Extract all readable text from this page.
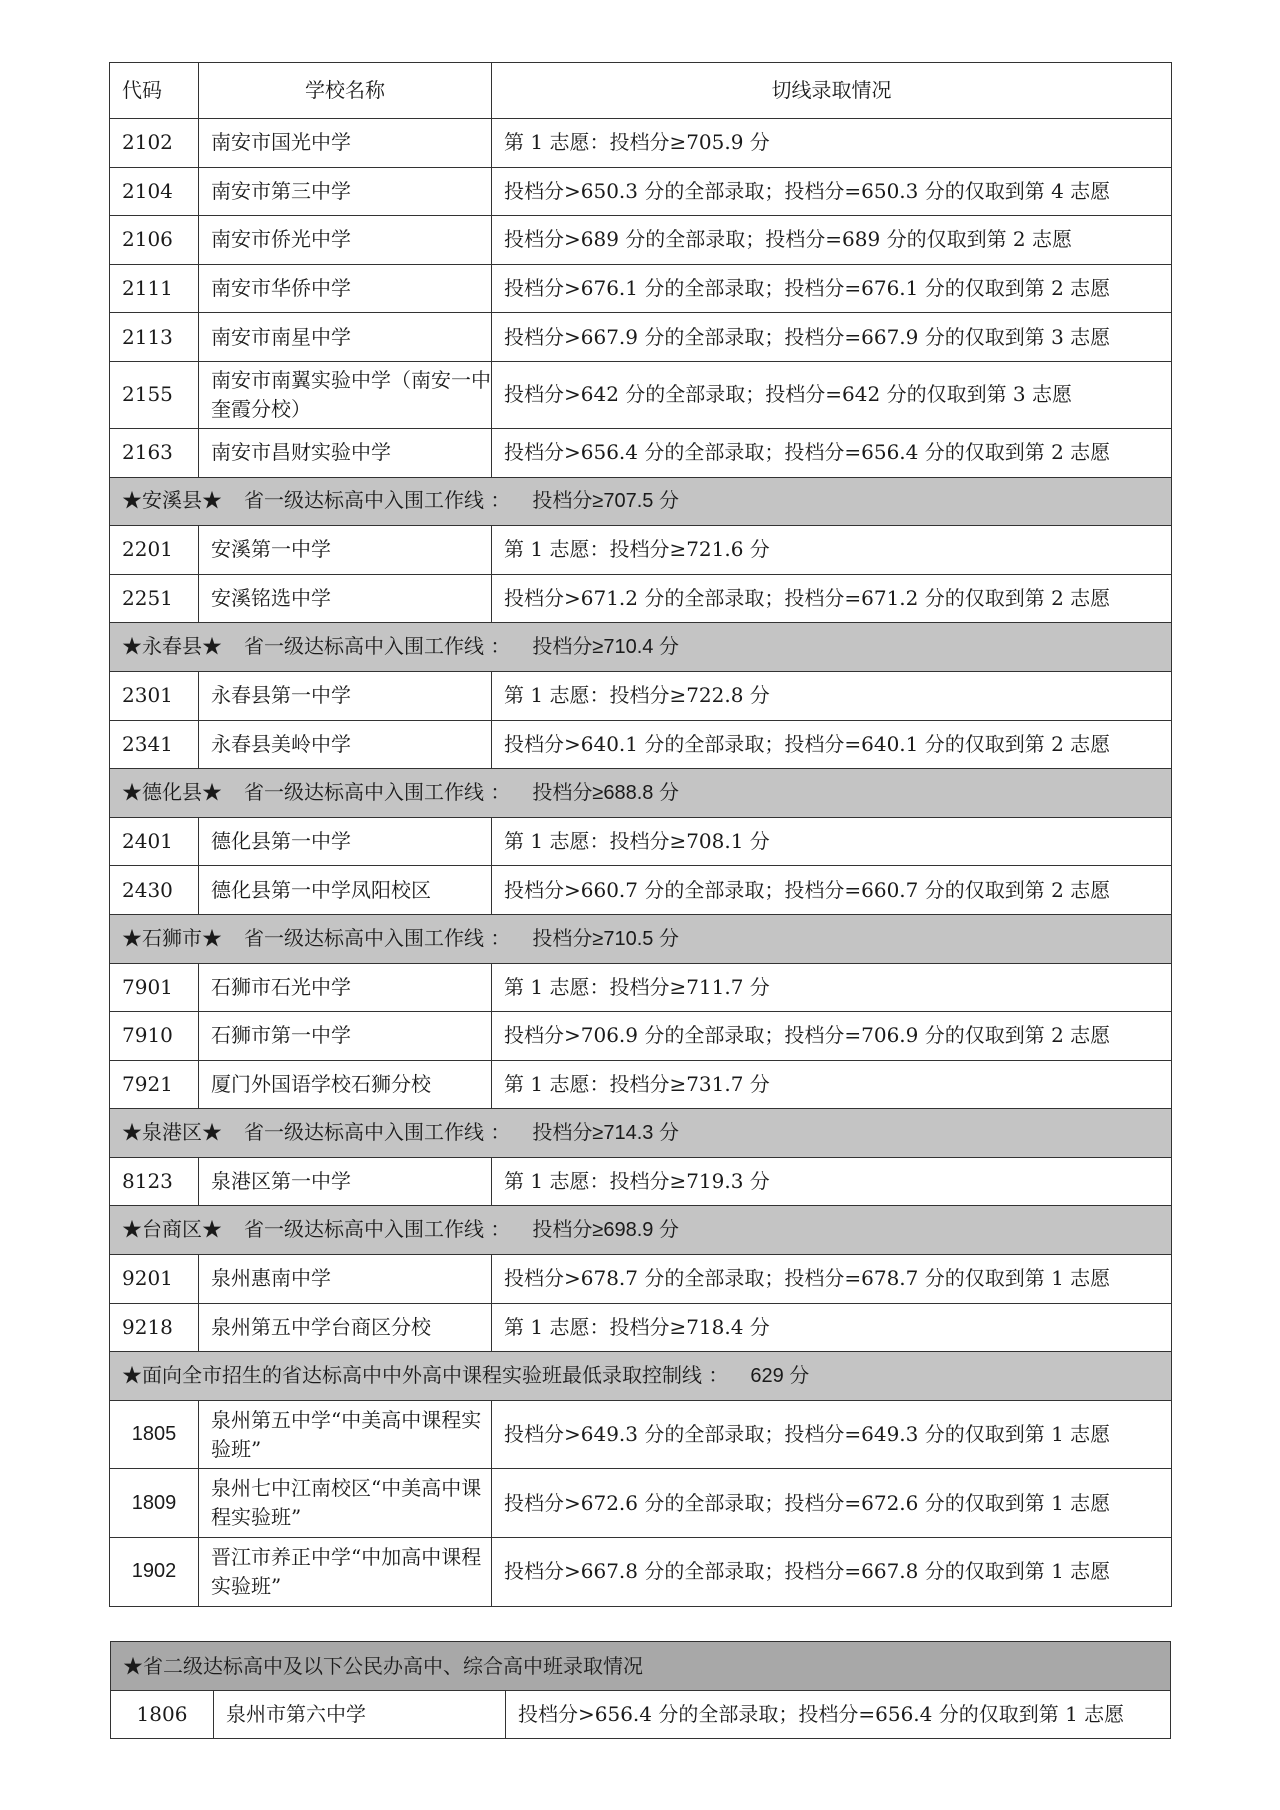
代码	学校名称	切线录取情况
2102	南安市国光中学	第 1 志愿：投档分≥705.9 分
2104	南安市第三中学	投档分>650.3 分的全部录取；投档分=650.3 分的仅取到第 4 志愿
2106	南安市侨光中学	投档分>689 分的全部录取；投档分=689 分的仅取到第 2 志愿
2111	南安市华侨中学	投档分>676.1 分的全部录取；投档分=676.1 分的仅取到第 2 志愿
2113	南安市南星中学	投档分>667.9 分的全部录取；投档分=667.9 分的仅取到第 3 志愿
2155	南安市南翼实验中学（南安一中奎霞分校）	投档分>642 分的全部录取；投档分=642 分的仅取到第 3 志愿
2163	南安市昌财实验中学	投档分>656.4 分的全部录取；投档分=656.4 分的仅取到第 2 志愿
★安溪县★ 省一级达标高中入围工作线 ： 投档分≥707.5 分		
2201	安溪第一中学	第 1 志愿：投档分≥721.6 分
2251	安溪铭选中学	投档分>671.2 分的全部录取；投档分=671.2 分的仅取到第 2 志愿
★永春县★ 省一级达标高中入围工作线 ： 投档分≥710.4 分		
2301	永春县第一中学	第 1 志愿：投档分≥722.8 分
2341	永春县美岭中学	投档分>640.1 分的全部录取；投档分=640.1 分的仅取到第 2 志愿
★德化县★ 省一级达标高中入围工作线 ： 投档分≥688.8 分		
2401	德化县第一中学	第 1 志愿：投档分≥708.1 分
2430	德化县第一中学凤阳校区	投档分>660.7 分的全部录取；投档分=660.7 分的仅取到第 2 志愿
★石狮市★ 省一级达标高中入围工作线 ： 投档分≥710.5 分		
7901	石狮市石光中学	第 1 志愿：投档分≥711.7 分
7910	石狮市第一中学	投档分>706.9 分的全部录取；投档分=706.9 分的仅取到第 2 志愿
7921	厦门外国语学校石狮分校	第 1 志愿：投档分≥731.7 分
★泉港区★ 省一级达标高中入围工作线 ： 投档分≥714.3 分		
8123	泉港区第一中学	第 1 志愿：投档分≥719.3 分
★台商区★ 省一级达标高中入围工作线 ： 投档分≥698.9 分		
9201	泉州惠南中学	投档分>678.7 分的全部录取；投档分=678.7 分的仅取到第 1 志愿
9218	泉州第五中学台商区分校	第 1 志愿：投档分≥718.4 分
★面向全市招生的省达标高中中外高中课程实验班最低录取控制线 ： 629 分		
1805	泉州第五中学“中美高中课程实验班”	投档分>649.3 分的全部录取；投档分=649.3 分的仅取到第 1 志愿
1809	泉州七中江南校区“中美高中课程实验班”	投档分>672.6 分的全部录取；投档分=672.6 分的仅取到第 1 志愿
1902	晋江市养正中学“中加高中课程实验班”	投档分>667.8 分的全部录取；投档分=667.8 分的仅取到第 1 志愿
★省二级达标高中及以下公民办高中、综合高中班录取情况
1806	泉州市第六中学	投档分>656.4 分的全部录取；投档分=656.4 分的仅取到第 1 志愿
